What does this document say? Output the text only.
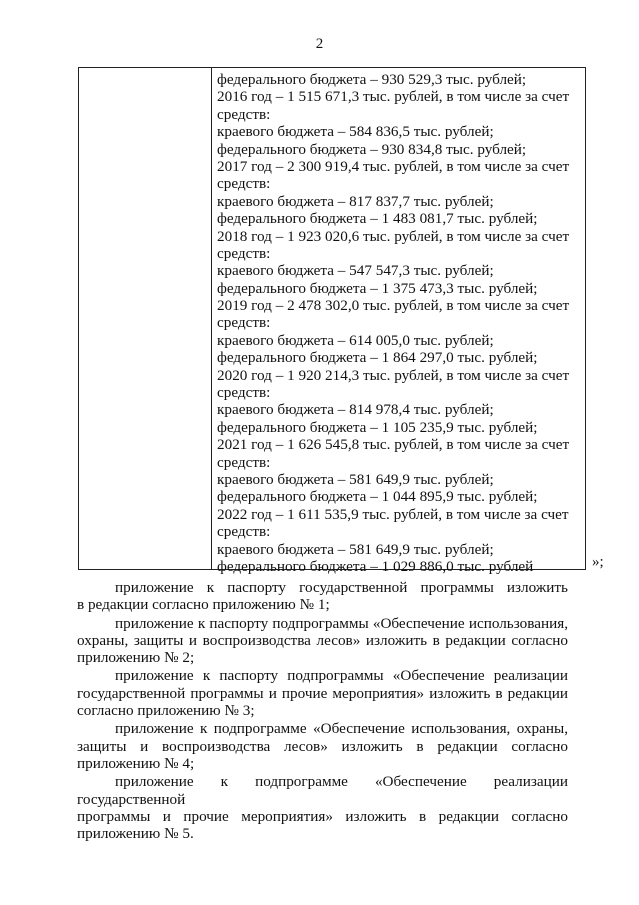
2
федерального бюджета – 930 529,3 тыс. рублей;
2016 год – 1 515 671,3 тыс. рублей, в том числе за счет
средств:
краевого бюджета – 584 836,5 тыс. рублей;
федерального бюджета – 930 834,8 тыс. рублей;
2017 год – 2 300 919,4 тыс. рублей, в том числе за счет
средств:
краевого бюджета – 817 837,7 тыс. рублей;
федерального бюджета – 1 483 081,7 тыс. рублей;
2018 год – 1 923 020,6 тыс. рублей, в том числе за счет
средств:
краевого бюджета – 547 547,3 тыс. рублей;
федерального бюджета – 1 375 473,3 тыс. рублей;
2019 год – 2 478 302,0 тыс. рублей, в том числе за счет
средств:
краевого бюджета – 614 005,0 тыс. рублей;
федерального бюджета – 1 864 297,0 тыс. рублей;
2020 год – 1 920 214,3 тыс. рублей, в том числе за счет
средств:
краевого бюджета – 814 978,4 тыс. рублей;
федерального бюджета – 1 105 235,9 тыс. рублей;
2021 год – 1 626 545,8 тыс. рублей, в том числе за счет
средств:
краевого бюджета – 581 649,9 тыс. рублей;
федерального бюджета – 1 044 895,9 тыс. рублей;
2022 год – 1 611 535,9 тыс. рублей, в том числе за счет
средств:
краевого бюджета – 581 649,9 тыс. рублей;
федерального бюджета – 1 029 886,0 тыс. рублей	»;
приложение к паспорту государственной программы изложить
в редакции согласно приложению № 1;
приложение к паспорту подпрограммы «Обеспечение использования,
охраны, защиты и воспроизводства лесов» изложить в редакции согласно приложению № 2;
приложение к паспорту подпрограммы «Обеспечение реализации
государственной программы и прочие мероприятия» изложить в редакции согласно приложению № 3;
приложение к подпрограмме «Обеспечение использования, охраны,
защиты и воспроизводства лесов» изложить в редакции согласно приложению № 4;
приложение к подпрограмме «Обеспечение реализации государственной
программы и прочие мероприятия» изложить в редакции согласно приложению № 5.
